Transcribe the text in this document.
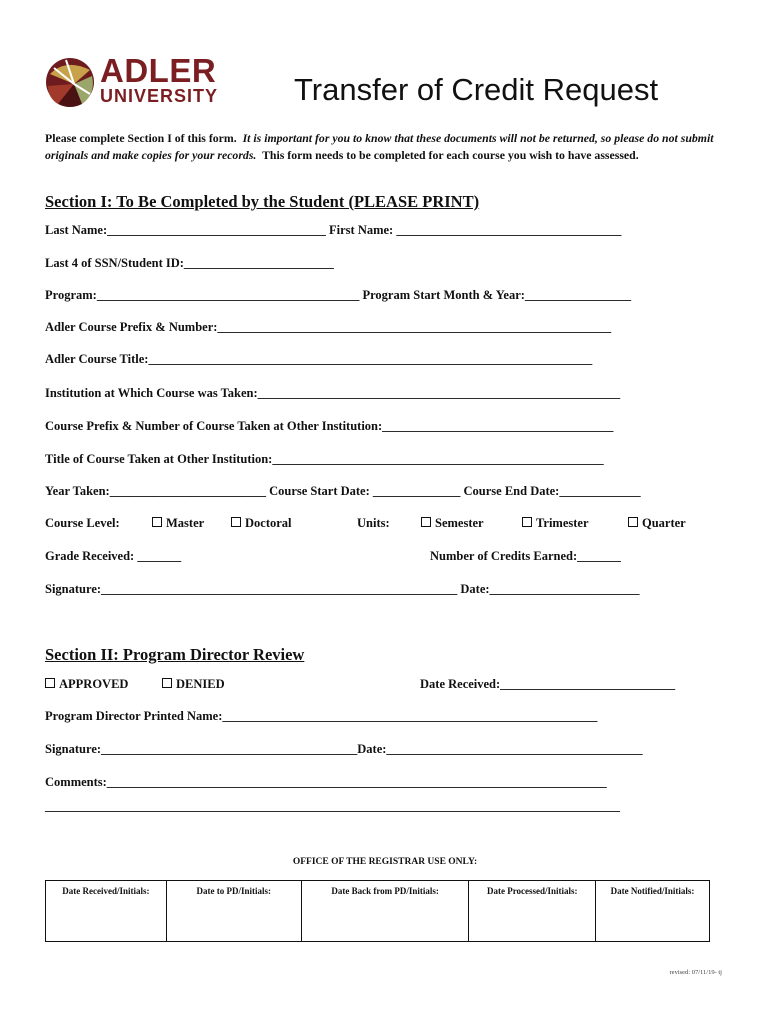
ADLER
UNIVERSITY Transfer of Credit Request
Please complete Section I of this form. It is important for you to know that these documents will not be returned, so please do not submit originals and make copies for your records. This form needs to be completed for each course you wish to have assessed.
Section I: To Be Completed by the Student (PLEASE PRINT)
Last Name:___________________________________ First Name: ____________________________________
Last 4 of SSN/Student ID:________________________
Program:__________________________________________ Program Start Month & Year:_________________
Adler Course Prefix & Number:_______________________________________________________________
Adler Course Title:_______________________________________________________________________
Institution at Which Course was Taken:__________________________________________________________
Course Prefix & Number of Course Taken at Other Institution:_____________________________________
Title of Course Taken at Other Institution:_____________________________________________________
Year Taken:_________________________ Course Start Date: ______________ Course End Date:_____________
Course Level:	Master	Doctoral	Units:	Semester	Trimester	Quarter
Grade Received: _______	Number of Credits Earned:_______
Signature:_________________________________________________________ Date:________________________
Section II: Program Director Review
APPROVED	DENIED	Date Received:____________________________
Program Director Printed Name:____________________________________________________________
Signature:_________________________________________Date:_________________________________________
Comments:________________________________________________________________________________
____________________________________________________________________________________________
OFFICE OF THE REGISTRAR USE ONLY:
Date Received/Initials:	Date to PD/Initials:	Date Back from PD/Initials:	Date Processed/Initials:	Date Notified/Initials:
revised: 07/11/19- tj
